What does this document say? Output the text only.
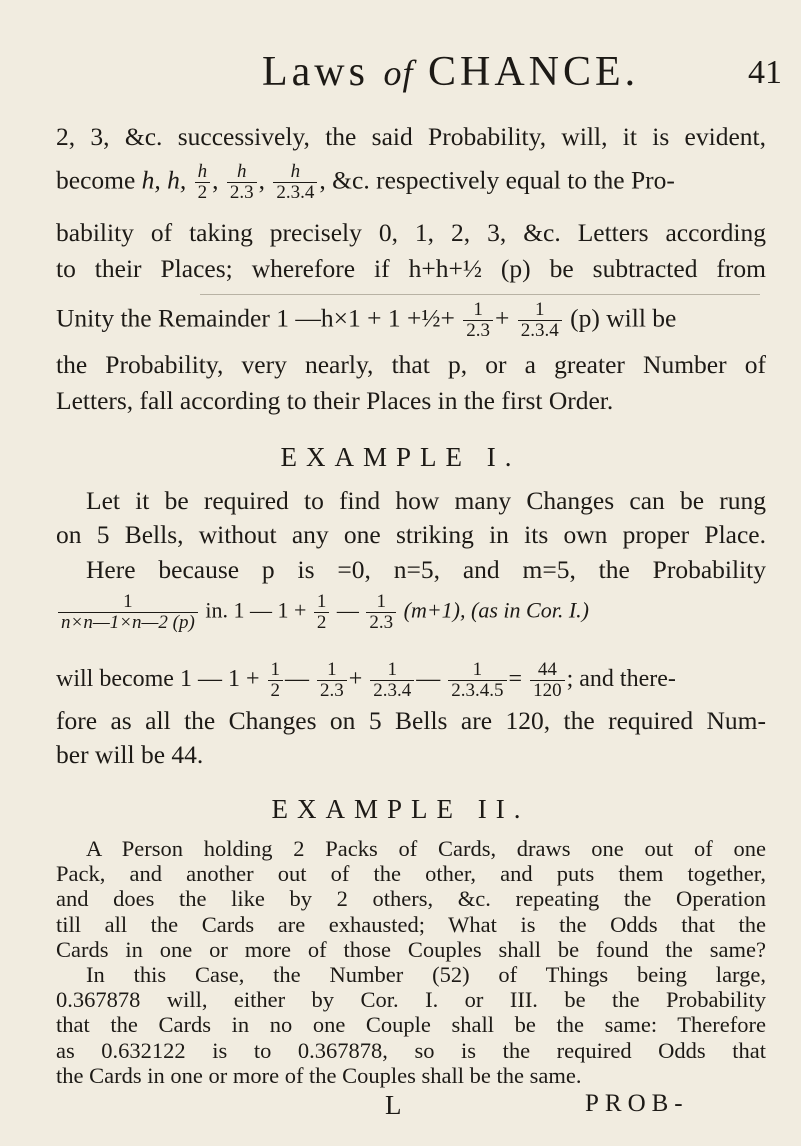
Laws of CHANCE.	41
2, 3, &c. successively, the said Probability, will, it is evident,
become h, h, $\frac{h}{2}$ , $\frac{h}{2.3}$ , $\frac{h}{2.3.4}$ , &c. respectively equal to the Pro-
bability of taking precisely 0, 1, 2, 3, &c. Letters according
to their Places; wherefore if h+h+½ (p) be subtracted from
Unity the Remainder 1 —h×1 + 1 +½+ $\frac{1}{2.3} + \frac{1}{2.3.4} (p)$ will be
the Probability, very nearly, that p, or a greater Number of
Letters, fall according to their Places in the first Order.
EXAMPLE I.
Let it be required to find how many Changes can be rung
on 5 Bells, without any one striking in its own proper Place.
Here because p is =0, n=5, and m=5, the Probability
$\frac{1}{n\times n—1\times n—2 (p)}$ in. 1 — $1 + \frac{1}{2}$ — $\frac{1}{2.3} (m+1)$, (as in Cor. I.)
will become 1 — $1 + \frac{1}{2}$ — $\frac{1}{2.3} + \frac{1}{2.3.4}$ — $\frac{1}{2.3.4.5} = \frac{44}{120}$ ; and there-
fore as all the Changes on 5 Bells are 120, the required Num-
ber will be 44.
EXAMPLE II.
L	PROB-
A Person holding 2 Packs of Cards, draws one out of one
Pack, and another out of the other, and puts them together,
and does the like by 2 others, &c. repeating the Operation
till all the Cards are exhausted; What is the Odds that the
Cards in one or more of those Couples shall be found the same?
In this Case, the Number (52) of Things being large,
0.367878 will, either by Cor. I. or III. be the Probability
that the Cards in no one Couple shall be the same: Therefore
as 0.632122 is to 0.367878, so is the required Odds that
the Cards in one or more of the Couples shall be the same.
